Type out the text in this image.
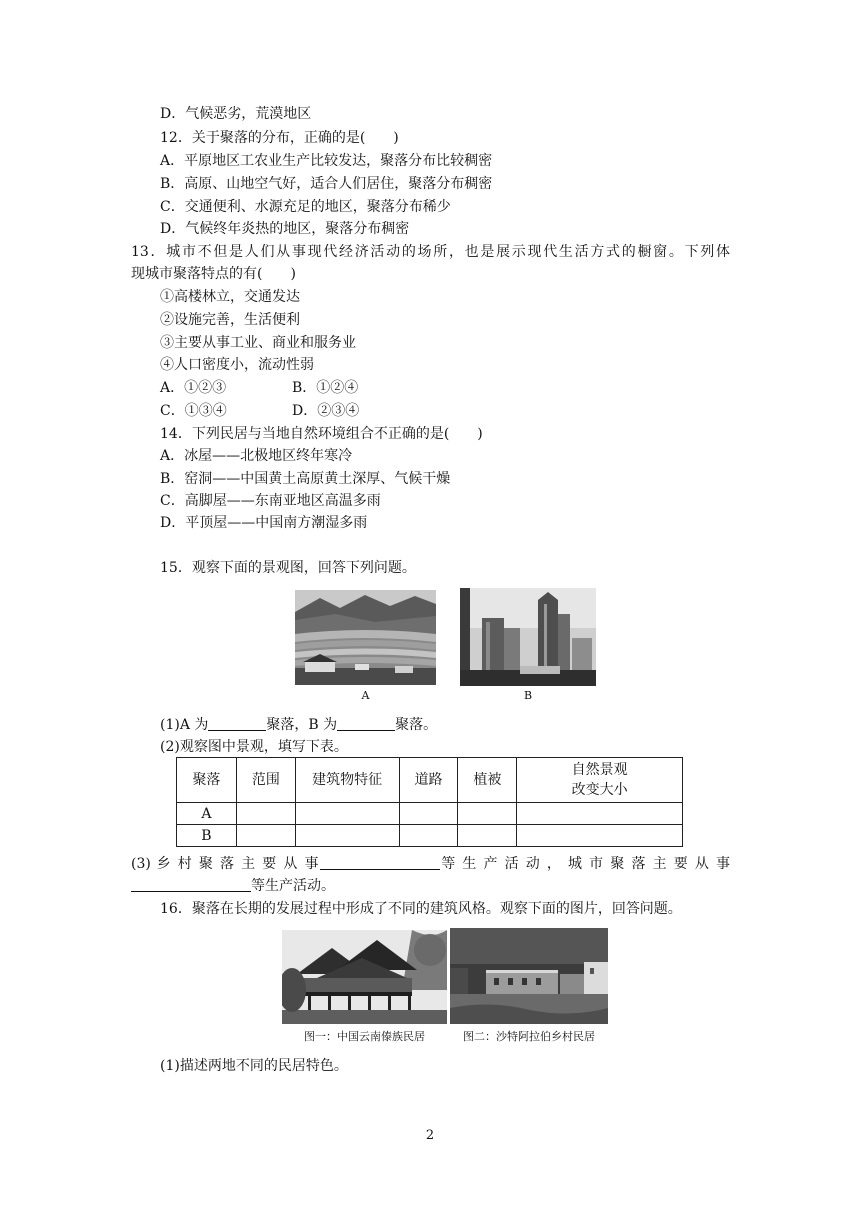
D．气候恶劣，荒漠地区

12．关于聚落的分布，正确的是(　　)

A．平原地区工农业生产比较发达，聚落分布比较稠密

B．高原、山地空气好，适合人们居住，聚落分布稠密

C．交通便利、水源充足的地区，聚落分布稀少

D．气候终年炎热的地区，聚落分布稠密

13．城市不但是人们从事现代经济活动的场所，也是展示现代生活方式的橱窗。下列体

现城市聚落特点的有(　　)

①高楼林立，交通发达

②设施完善，生活便利

③主要从事工业、商业和服务业

④人口密度小，流动性弱

A．①②③	B．①②④

C．①③④	D．②③④

14．下列民居与当地自然环境组合不正确的是(　　)

A．冰屋——北极地区终年寒冷

B．窑洞——中国黄土高原黄土深厚、气候干燥

C．高脚屋——东南亚地区高温多雨

D．平顶屋——中国南方潮湿多雨

15．观察下面的景观图，回答下列问题。

A	B

(1)A 为	聚落，B 为	聚落。

(2)观察图中景观，填写下表。

聚落	范围	建筑物特征	道路	植被	自然景观
改变大小
A					
B					

(3) 乡 村 聚 落 主 要 从 事	等 生 产 活 动 ， 城 市 聚 落 主 要 从 事

等生产活动。

16．聚落在长期的发展过程中形成了不同的建筑风格。观察下面的图片，回答问题。

图一：中国云南傣族民居	图二：沙特阿拉伯乡村民居

(1)描述两地不同的民居特色。

2
